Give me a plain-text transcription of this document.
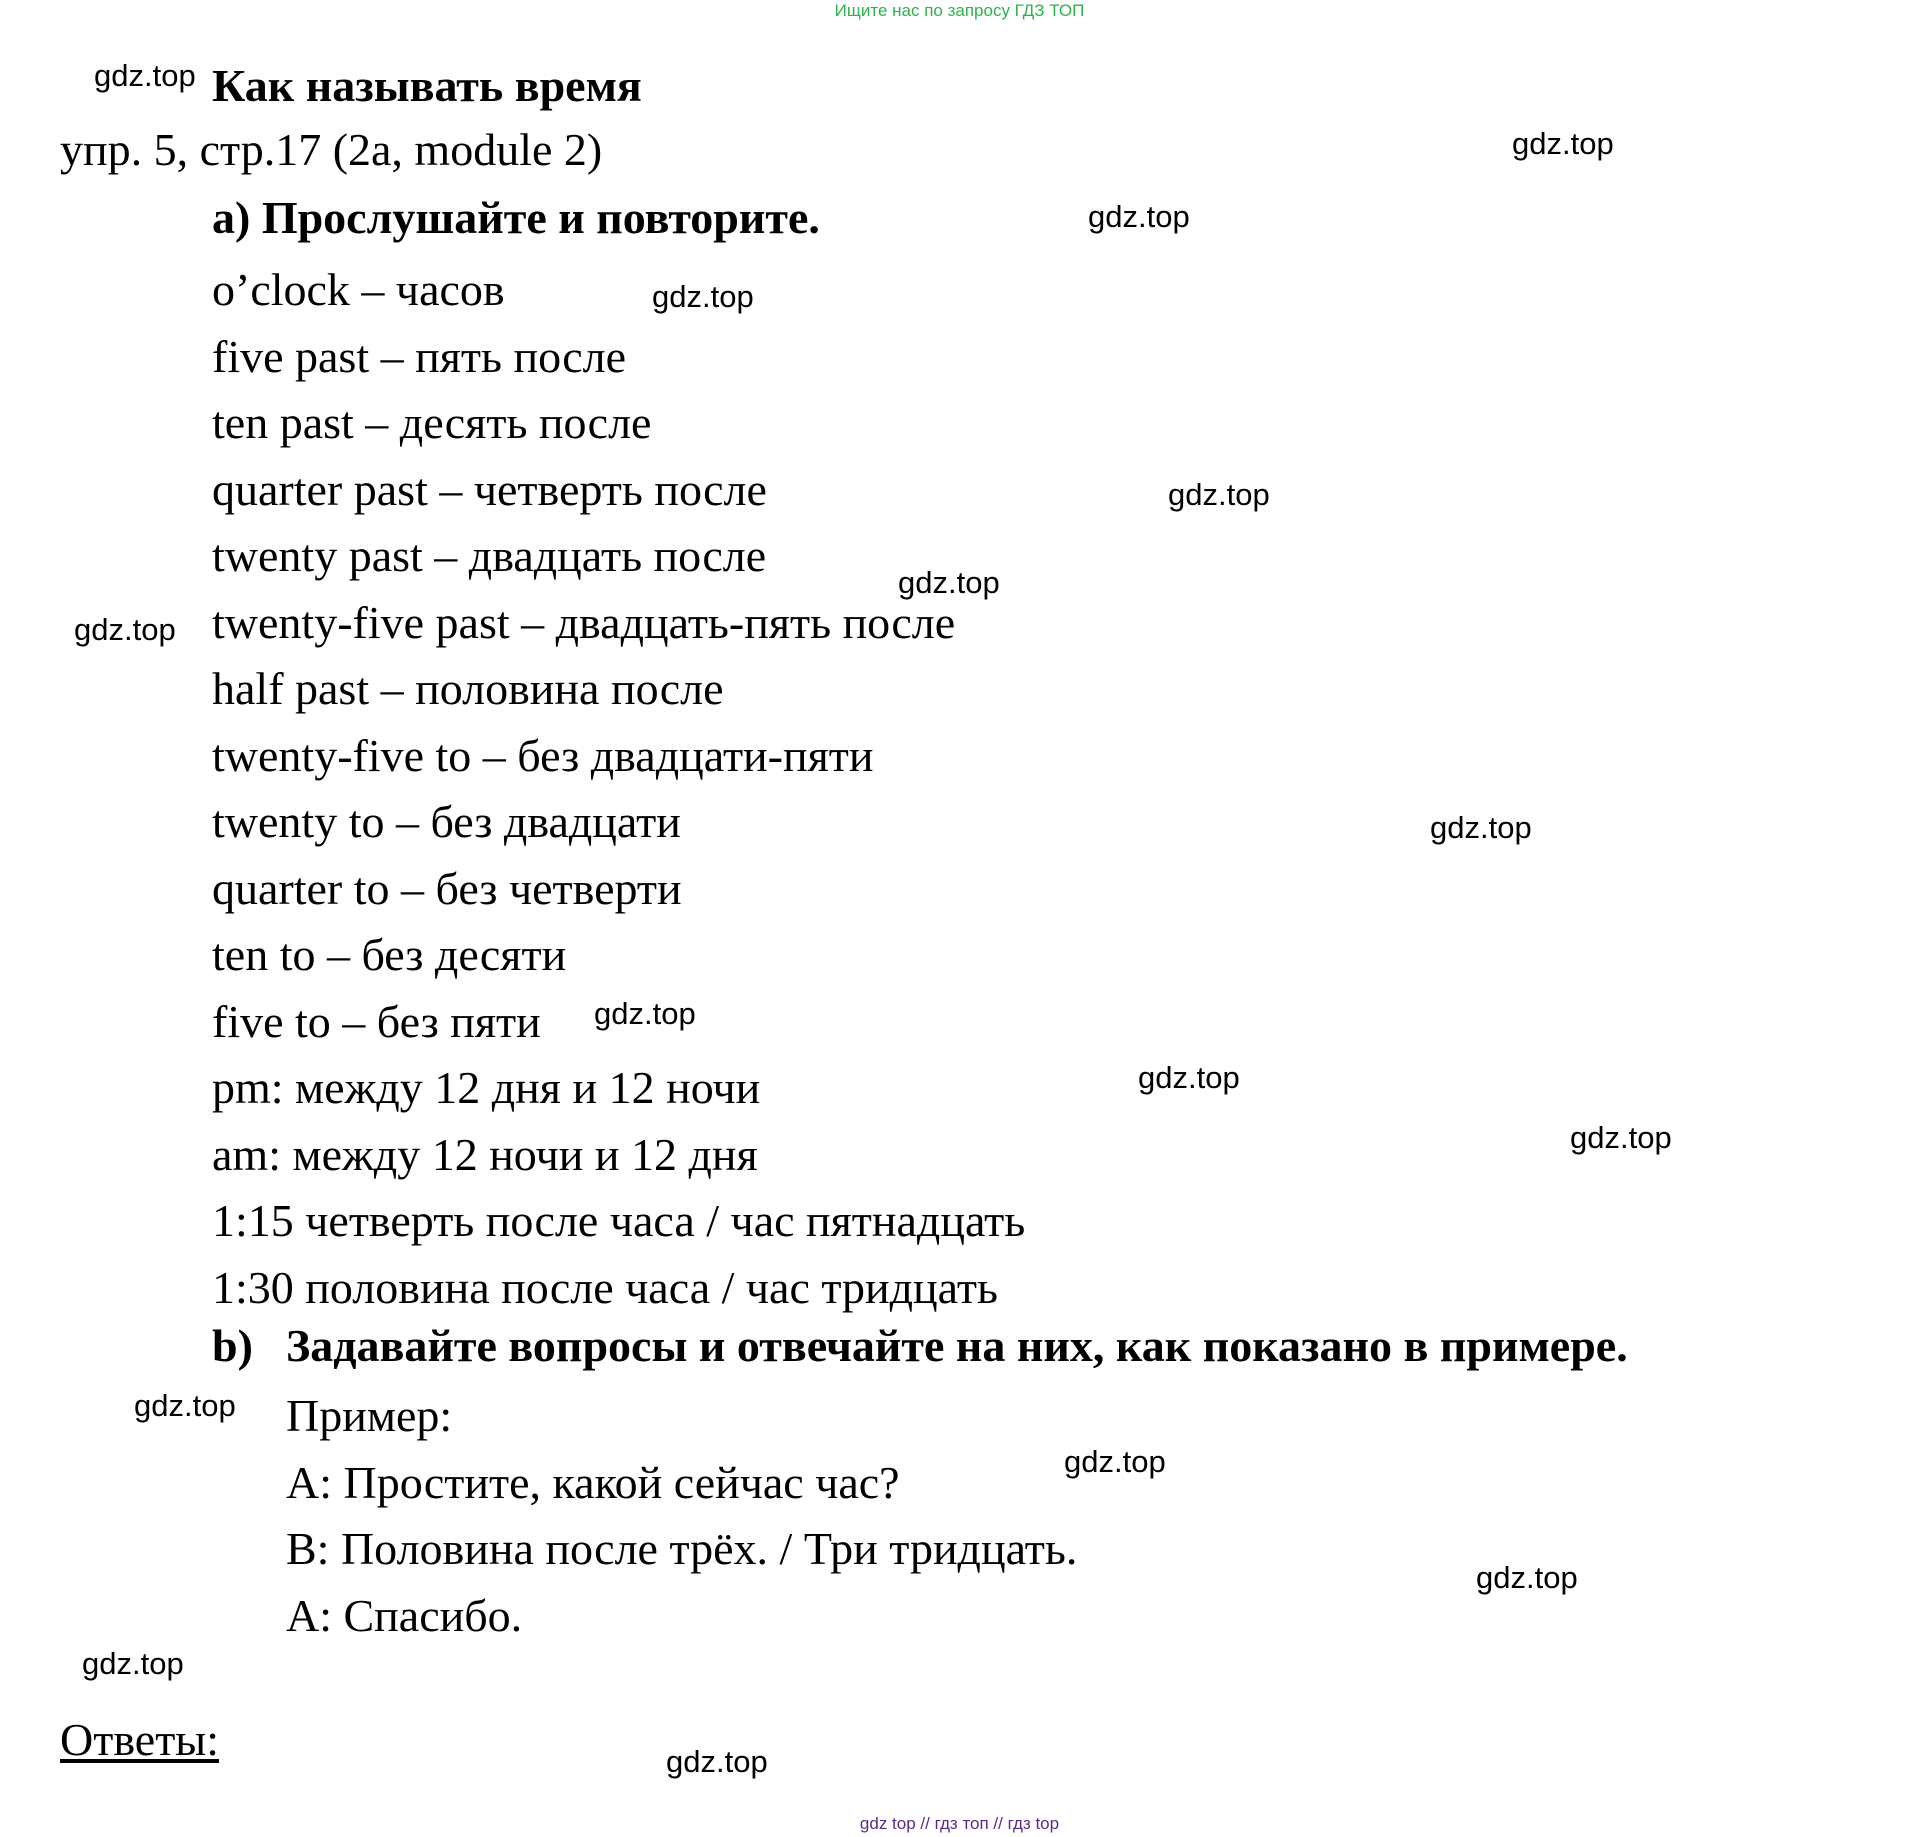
Ищите нас по запросу ГДЗ ТОП
gdz.top Как называть время
упр. 5, стр.17 (2a, module 2)	gdz.top
a) Прослушайте и повторите.	gdz.top
o’clock – часов
five past – пять после
ten past – десять после
quarter past – четверть после
twenty past – двадцать после
twenty-five past – двадцать-пять после
half past – половина после
twenty-five to – без двадцати-пяти
twenty to – без двадцати
quarter to – без четверти
ten to – без десяти
five to – без пяти
pm: между 12 дня и 12 ночи
am: между 12 ночи и 12 дня
1:15 четверть после часа / час пятнадцать
1:30 половина после часа / час тридцать
gdz.top
gdz.top
gdz.top
gdz.top
gdz.top
gdz.top
gdz.top
gdz.top
b) Задавайте вопросы и отвечайте на них, как показано в примере.
gdz.top Пример:
А: Простите, какой сейчас час?
В: Половина после трёх. / Три тридцать.
А: Спасибо.
gdz.top
gdz.top
gdz.top
Ответы:	gdz.top
gdz top // гдз топ // гдз top
